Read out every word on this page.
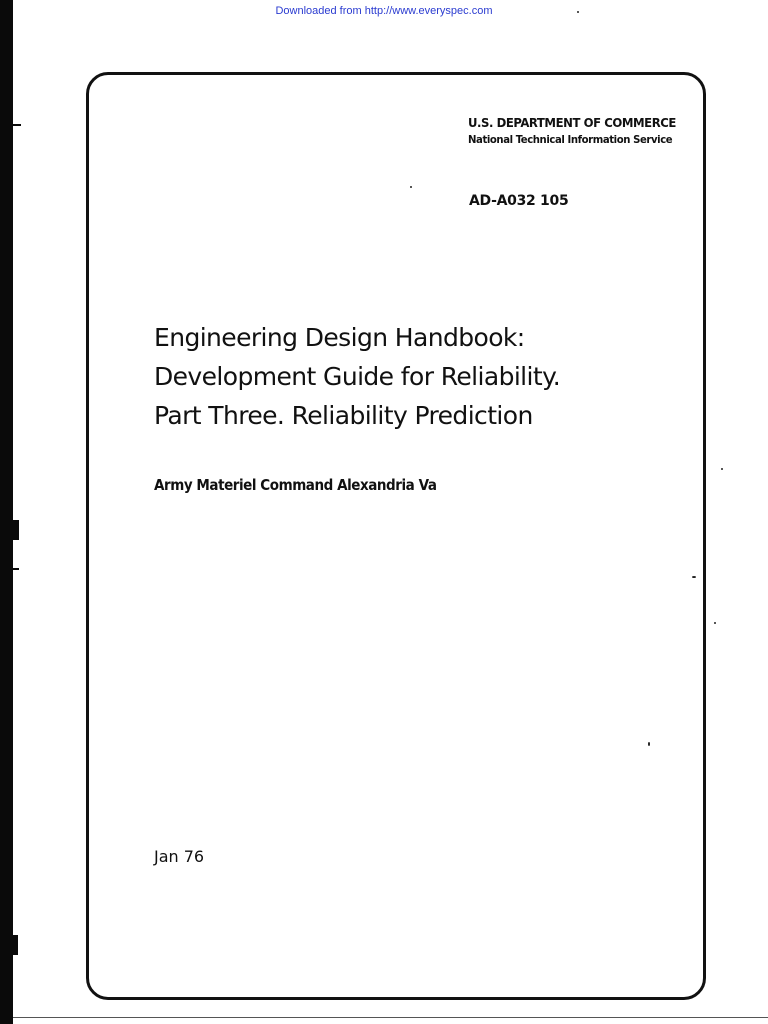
Downloaded from http://www.everyspec.com
U.S. DEPARTMENT OF COMMERCE
National Technical Information Service
AD-A032 105
Engineering Design Handbook:
Development Guide for Reliability.
Part Three. Reliability Prediction
Army Materiel Command Alexandria Va
Jan 76
